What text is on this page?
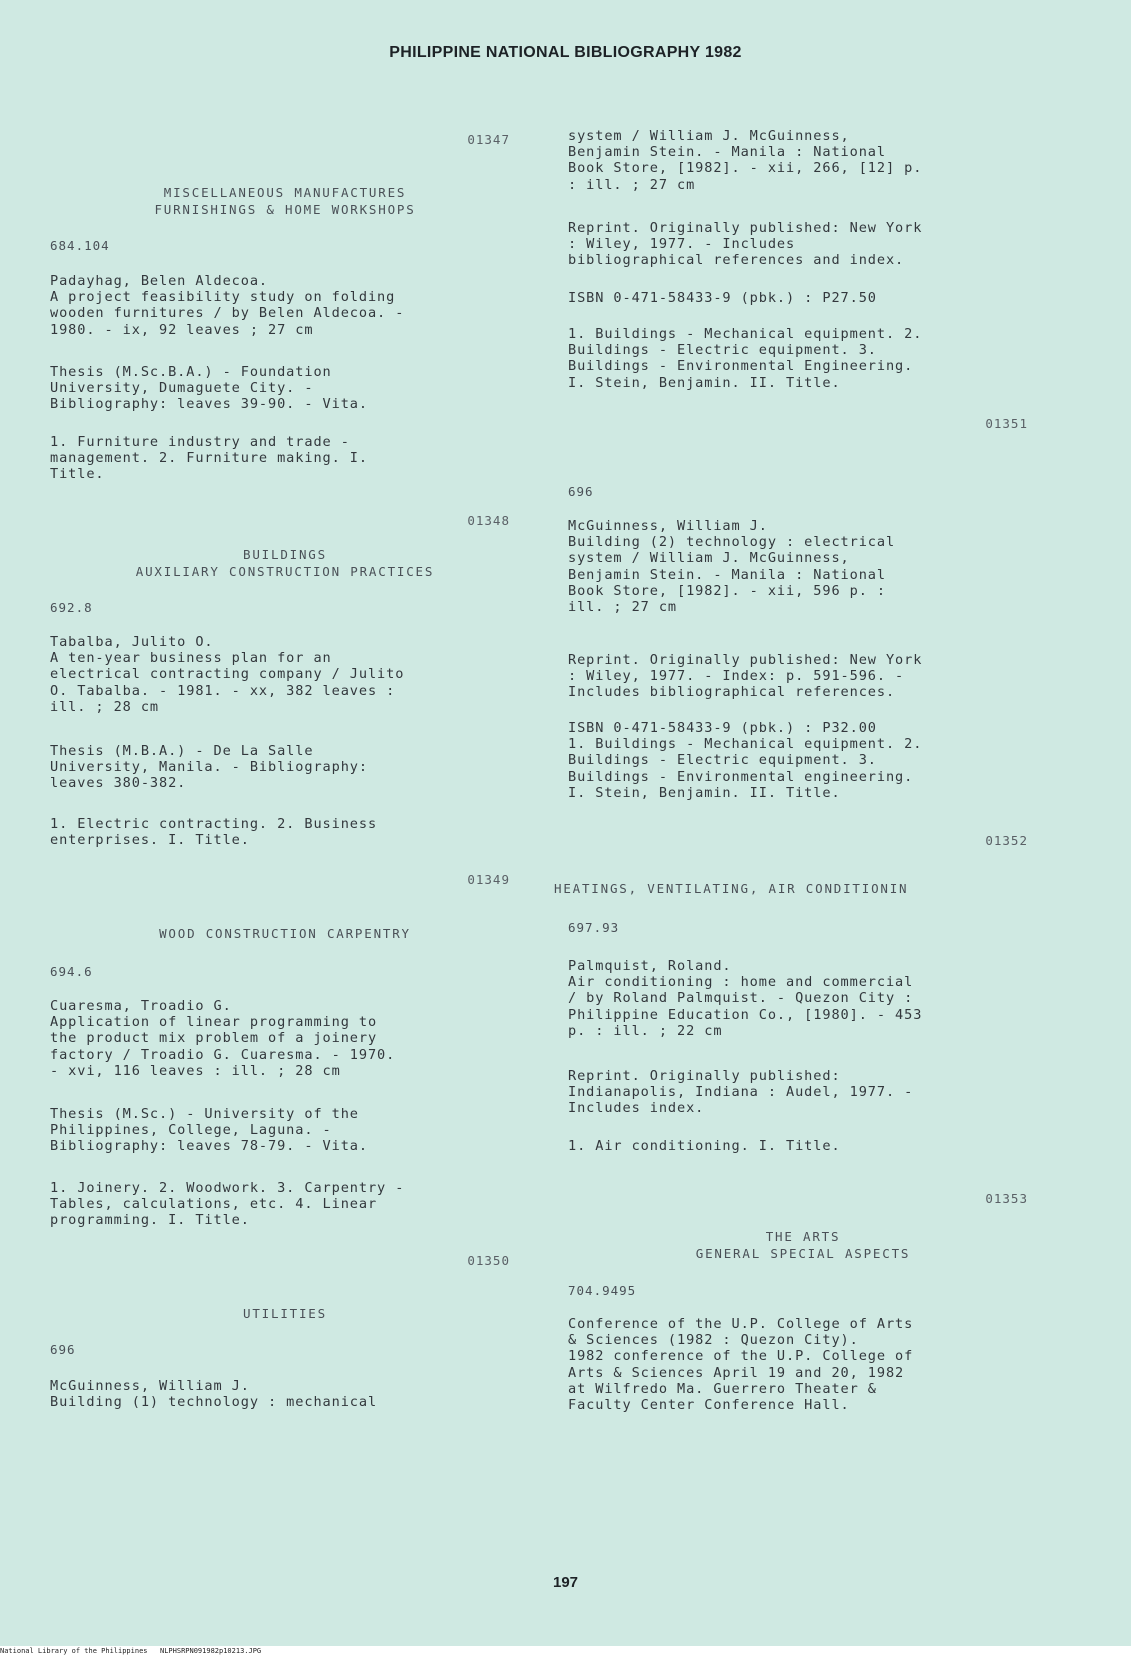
PHILIPPINE NATIONAL BIBLIOGRAPHY 1982
01347
MISCELLANEOUS MANUFACTURES
FURNISHINGS & HOME WORKSHOPS
684.104
Padayhag, Belen Aldecoa.
A project feasibility study on folding
wooden furnitures / by Belen Aldecoa. -
1980. - ix, 92 leaves ; 27 cm
Thesis (M.Sc.B.A.) - Foundation
University, Dumaguete City. -
Bibliography: leaves 39-90. - Vita.
1. Furniture industry and trade -
management. 2. Furniture making. I.
Title.
01348
BUILDINGS
AUXILIARY CONSTRUCTION PRACTICES
692.8
Tabalba, Julito O.
A ten-year business plan for an
electrical contracting company / Julito
O. Tabalba. - 1981. - xx, 382 leaves :
ill. ; 28 cm
Thesis (M.B.A.) - De La Salle
University, Manila. - Bibliography:
leaves 380-382.
1. Electric contracting. 2. Business
enterprises. I. Title.
01349
WOOD CONSTRUCTION CARPENTRY
694.6
Cuaresma, Troadio G.
Application of linear programming to
the product mix problem of a joinery
factory / Troadio G. Cuaresma. - 1970.
- xvi, 116 leaves : ill. ; 28 cm
Thesis (M.Sc.) - University of the
Philippines, College, Laguna. -
Bibliography: leaves 78-79. - Vita.
1. Joinery. 2. Woodwork. 3. Carpentry -
Tables, calculations, etc. 4. Linear
programming. I. Title.
01350
UTILITIES
696
McGuinness, William J.
Building (1) technology : mechanical
system / William J. McGuinness,
Benjamin Stein. - Manila : National
Book Store, [1982]. - xii, 266, [12] p.
: ill. ; 27 cm
Reprint. Originally published: New York
: Wiley, 1977. - Includes
bibliographical references and index.
ISBN 0-471-58433-9 (pbk.) : P27.50
1. Buildings - Mechanical equipment. 2.
Buildings - Electric equipment. 3.
Buildings - Environmental Engineering.
I. Stein, Benjamin. II. Title.
01351
696
McGuinness, William J.
Building (2) technology : electrical
system / William J. McGuinness,
Benjamin Stein. - Manila : National
Book Store, [1982]. - xii, 596 p. :
ill. ; 27 cm
Reprint. Originally published: New York
: Wiley, 1977. - Index: p. 591-596. -
Includes bibliographical references.
ISBN 0-471-58433-9 (pbk.) : P32.00
1. Buildings - Mechanical equipment. 2.
Buildings - Electric equipment. 3.
Buildings - Environmental engineering.
I. Stein, Benjamin. II. Title.
01352
HEATINGS, VENTILATING, AIR CONDITIONIN
697.93
Palmquist, Roland.
Air conditioning : home and commercial
/ by Roland Palmquist. - Quezon City :
Philippine Education Co., [1980]. - 453
p. : ill. ; 22 cm
Reprint. Originally published:
Indianapolis, Indiana : Audel, 1977. -
Includes index.
1. Air conditioning. I. Title.
01353
THE ARTS
GENERAL SPECIAL ASPECTS
704.9495
Conference of the U.P. College of Arts
& Sciences (1982 : Quezon City).
1982 conference of the U.P. College of
Arts & Sciences April 19 and 20, 1982
at Wilfredo Ma. Guerrero Theater &
Faculty Center Conference Hall.
197
National Library of the Philippines NLPHSRPN091982p10213.JPG
